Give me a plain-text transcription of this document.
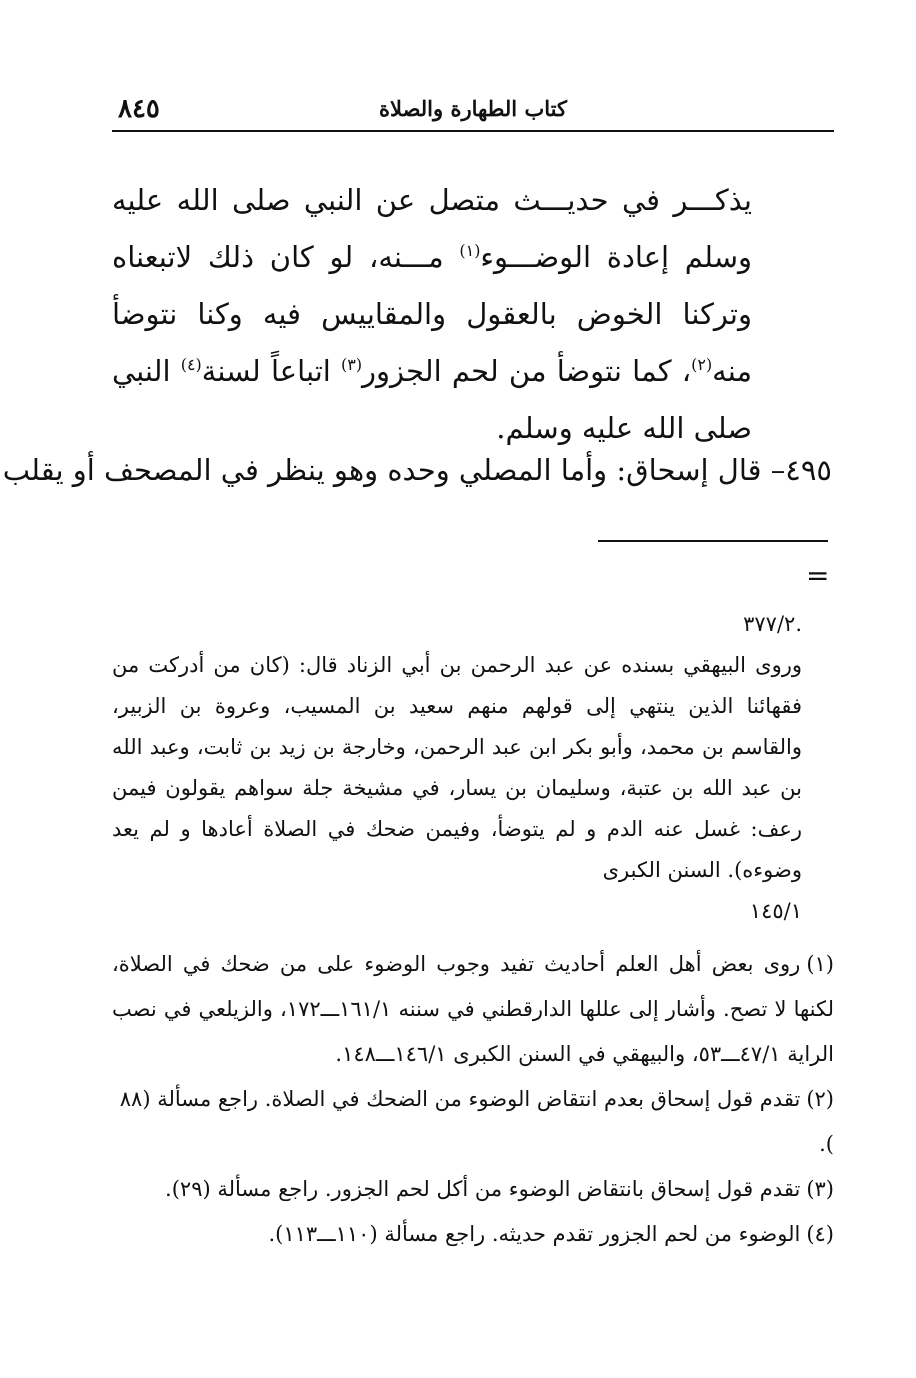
٨٤٥	كتاب الطهارة والصلاة

يذكـــر في حديـــث متصل عن النبي صلى الله عليه وسلم إعادة الوضـــوء$^{(١)}$ مـــنه، لو كان ذلك لاتبعناه وتركنا الخوض بالعقول والمقاييس فيه وكنا نتوضأ منه$^{(٢)}$، كما نتوضأ من لحم الجزور$^{(٣)}$ اتباعاً لسنة$^{(٤)}$ النبي صلى الله عليه وسلم.

٤٩٥– قال إسحاق: وأما المصلي وحده وهو ينظر في المصحف أو يقلب
=
.٣٧٧/٢
وروى البيهقي بسنده عن عبد الرحمن بن أبي الزناد قال: (كان من أدركت من فقهائنا الذين ينتهي إلى قولهم منهم سعيد بن المسيب، وعروة بن الزبير، والقاسم بن محمد، وأبو بكر ابن عبد الرحمن، وخارجة بن زيد بن ثابت، وعبد الله بن عبد الله بن عتبة، وسليمان بن يسار، في مشيخة جلة سواهم يقولون فيمن رعف: غسل عنه الدم و لم يتوضأ، وفيمن ضحك في الصلاة أعادها و لم يعد وضوءه). السنن الكبرى
١٤٥/١

(١)روى بعض أهل العلم أحاديث تفيد وجوب الوضوء على من ضحك في الصلاة، لكنها لا تصح. وأشار إلى عللها الدارقطني في سننه ١٦١/١ـــ١٧٢، والزيلعي في نصب الراية ٤٧/١ـــ٥٣، والبيهقي في السنن الكبرى ١٤٦/١ـــ١٤٨.

(٢)تقدم قول إسحاق بعدم انتقاض الوضوء من الضحك في الصلاة. راجع مسألة (٨٨
).

(٣)تقدم قول إسحاق بانتقاض الوضوء من أكل لحم الجزور. راجع مسألة (٢٩).

(٤)الوضوء من لحم الجزور تقدم حديثه. راجع مسألة (١١٠ـــ١١٣).
